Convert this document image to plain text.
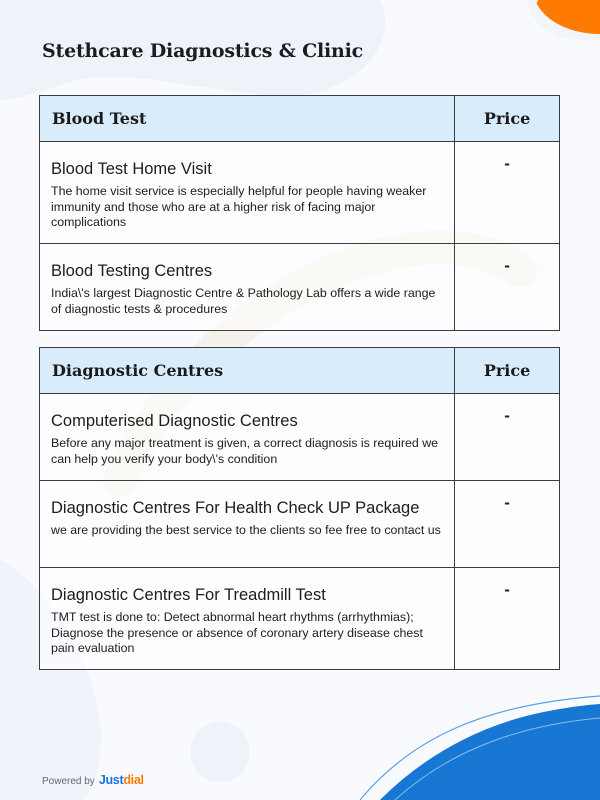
Stethcare Diagnostics & Clinic
Blood Test	Price

Blood Test Home Visit
The home visit service is especially helpful for people having weaker immunity and those who are at a higher risk of facing major complications	-

Blood Testing Centres
India\'s largest Diagnostic Centre & Pathology Lab offers a wide range of diagnostic tests & procedures	-
Diagnostic Centres	Price

Computerised Diagnostic Centres
Before any major treatment is given, a correct diagnosis is required we can help you verify your body\'s condition	-

Diagnostic Centres For Health Check UP Package
we are providing the best service to the clients so fee free to contact us	-

Diagnostic Centres For Treadmill Test
TMT test is done to: Detect abnormal heart rhythms (arrhythmias); Diagnose the presence or absence of coronary artery disease chest pain evaluation	-
Powered by Justdial
